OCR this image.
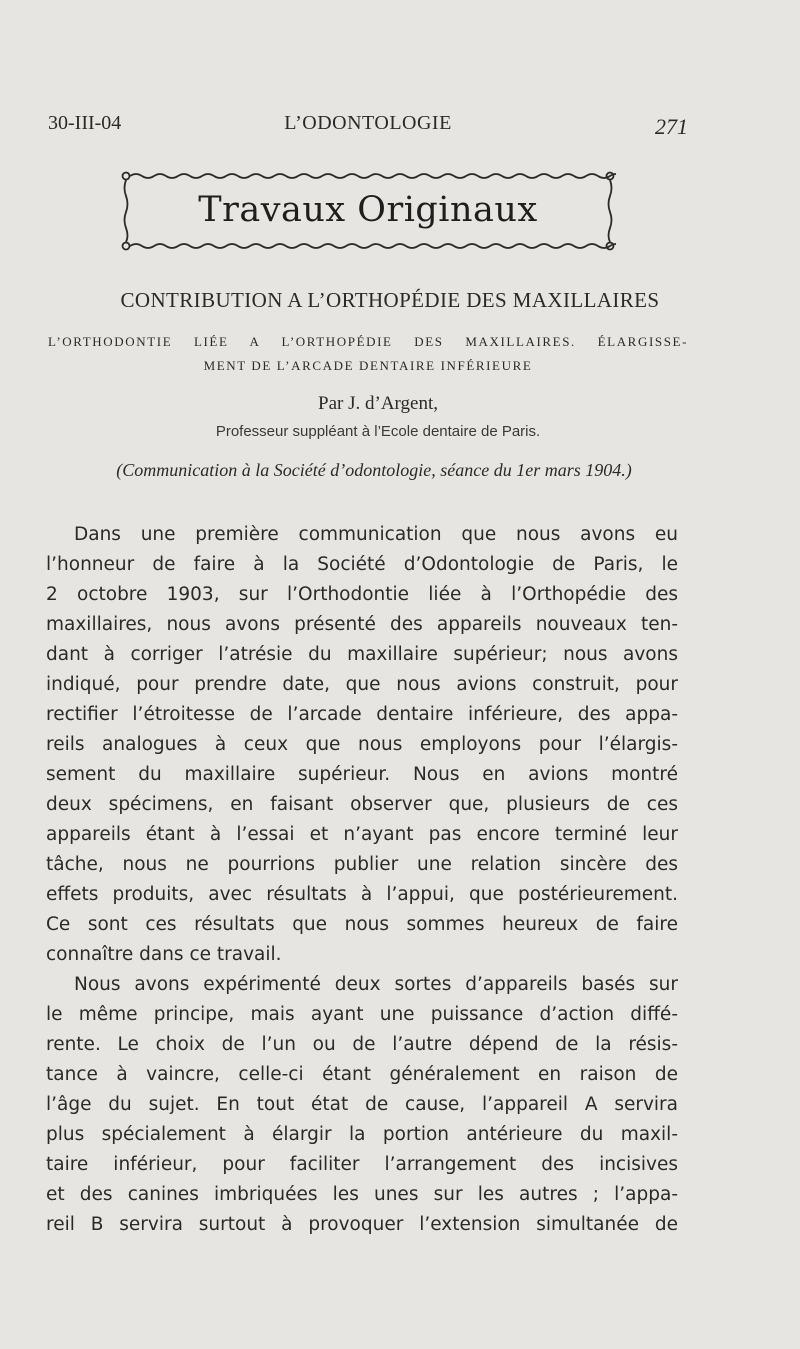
30-III-04	L’ODONTOLOGIE	271
Travaux Originaux
CONTRIBUTION A L’ORTHOPÉDIE DES MAXILLAIRES
L’ORTHODONTIE LIÉE A L’ORTHOPÉDIE DES MAXILLAIRES. ÉLARGISSE-
MENT DE L’ARCADE DENTAIRE INFÉRIEURE
Par J. d’Argent,
Professeur suppléant à l’Ecole dentaire de Paris.
(Communication à la Société d’odontologie, séance du 1er mars 1904.)
Dans une première communication que nous avons eu
l’honneur de faire à la Société d’Odontologie de Paris, le
2 octobre 1903, sur l’Orthodontie liée à l’Orthopédie des
maxillaires, nous avons présenté des appareils nouveaux ten-
dant à corriger l’atrésie du maxillaire supérieur; nous avons
indiqué, pour prendre date, que nous avions construit, pour
rectifier l’étroitesse de l’arcade dentaire inférieure, des appa-
reils analogues à ceux que nous employons pour l’élargis-
sement du maxillaire supérieur. Nous en avions montré
deux spécimens, en faisant observer que, plusieurs de ces
appareils étant à l’essai et n’ayant pas encore terminé leur
tâche, nous ne pourrions publier une relation sincère des
effets produits, avec résultats à l’appui, que postérieurement.
Ce sont ces résultats que nous sommes heureux de faire
connaître dans ce travail.
Nous avons expérimenté deux sortes d’appareils basés sur
le même principe, mais ayant une puissance d’action diffé-
rente. Le choix de l’un ou de l’autre dépend de la résis-
tance à vaincre, celle-ci étant généralement en raison de
l’âge du sujet. En tout état de cause, l’appareil A servira
plus spécialement à élargir la portion antérieure du maxil-
taire inférieur, pour faciliter l’arrangement des incisives
et des canines imbriquées les unes sur les autres ; l’appa-
reil B servira surtout à provoquer l’extension simultanée de
